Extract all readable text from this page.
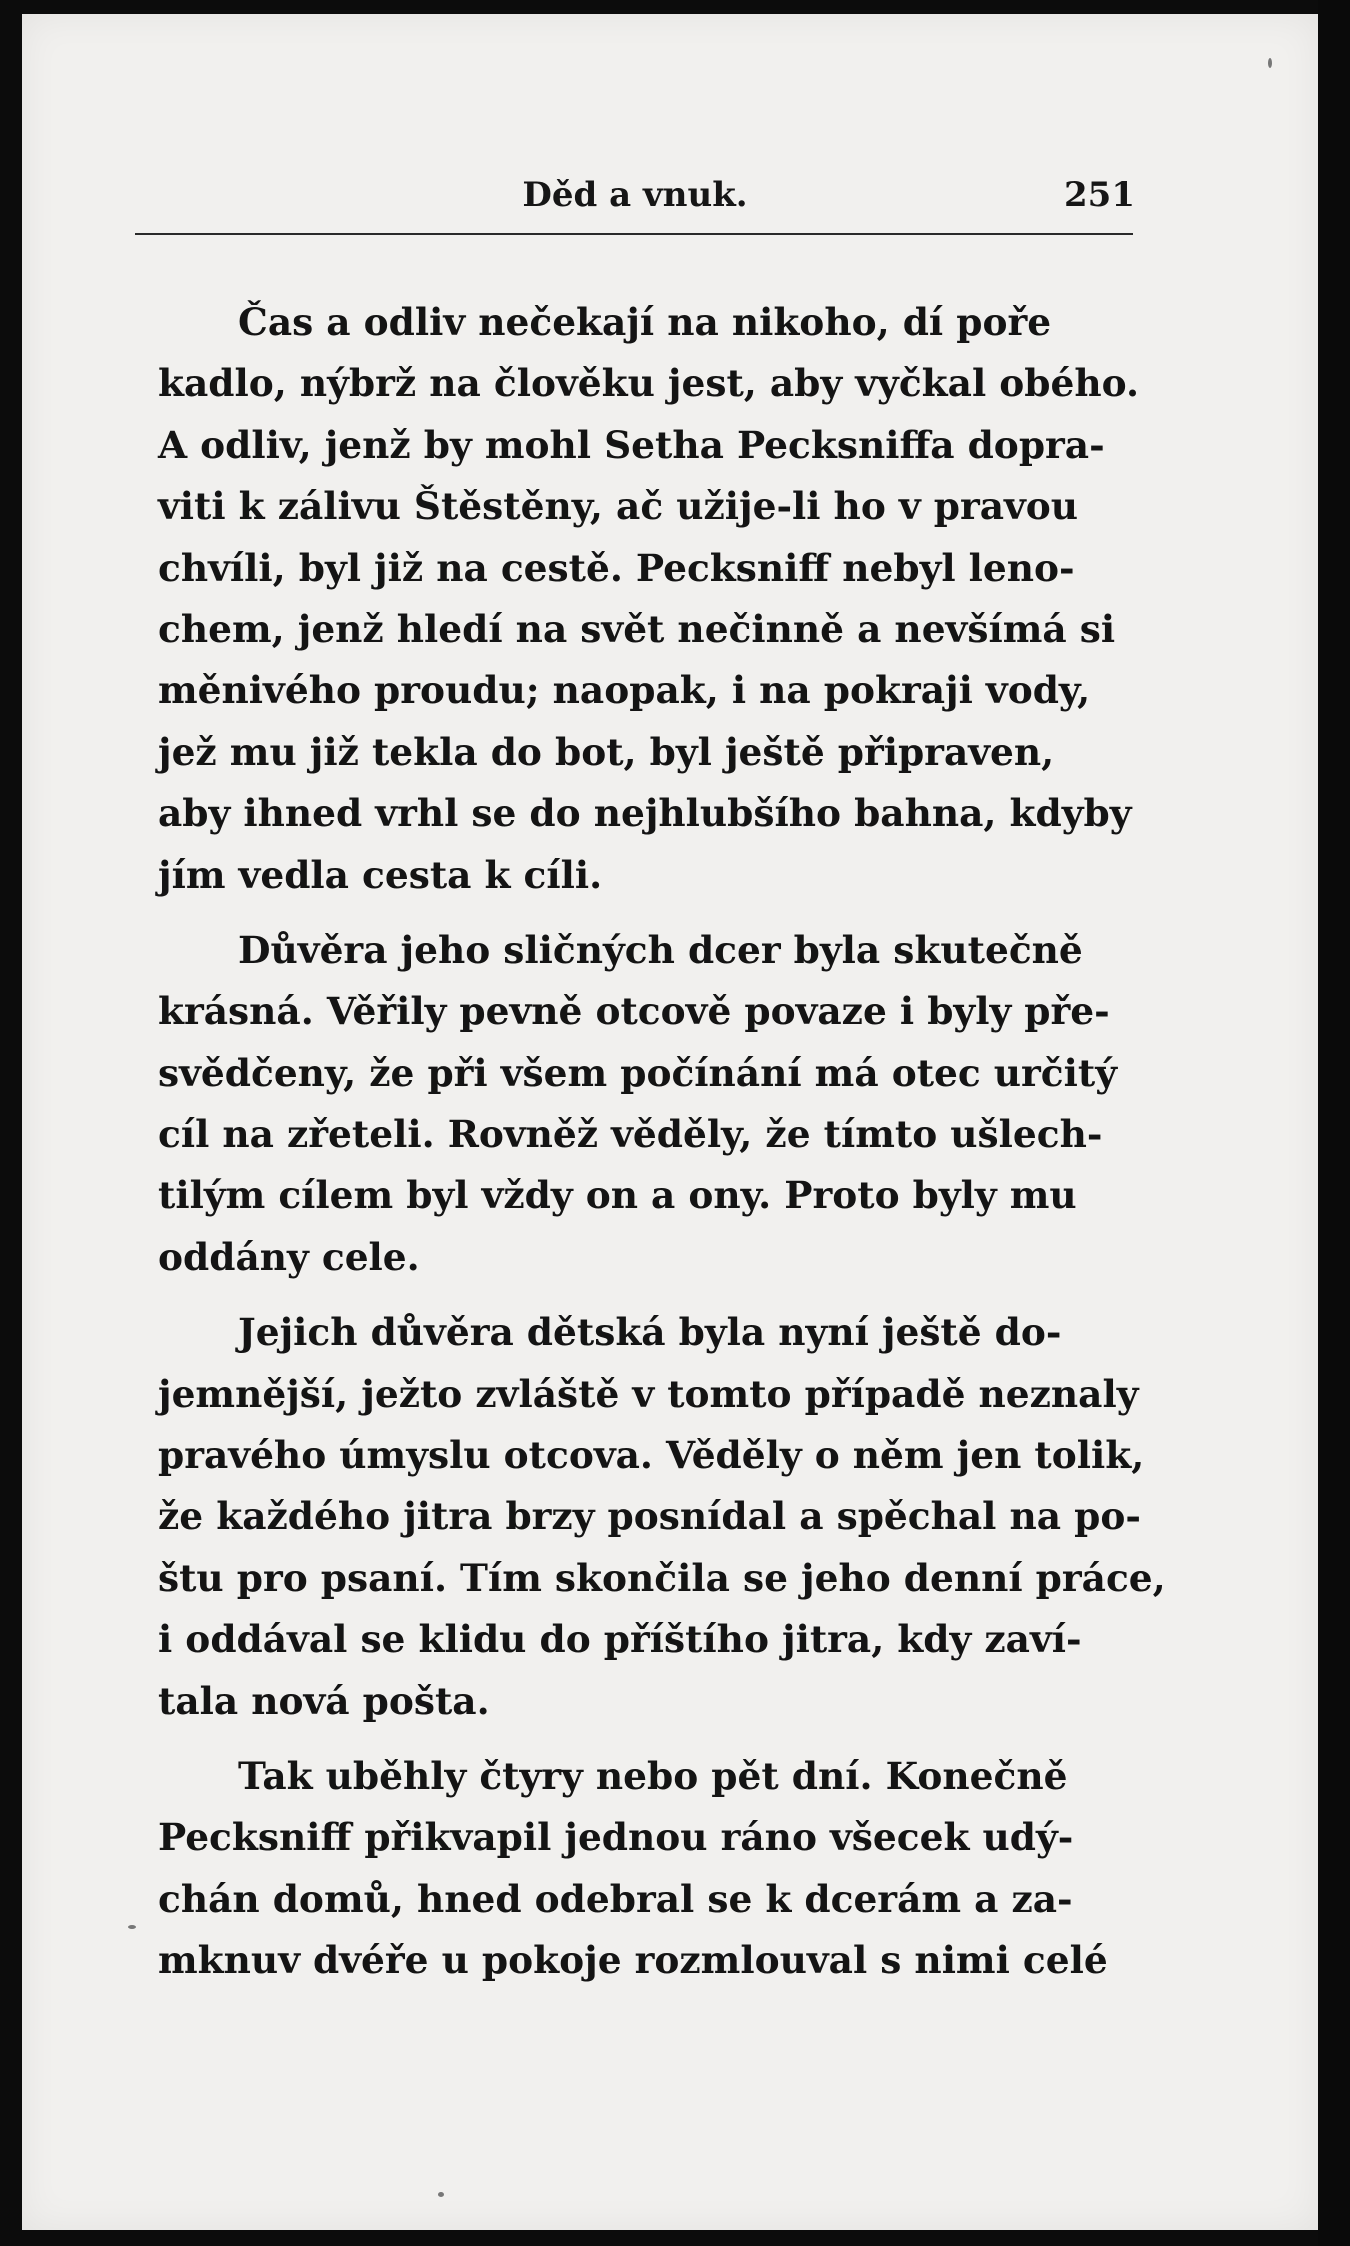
Děd a vnuk.	251
Čas a odliv nečekají na nikoho, dí poře
kadlo, nýbrž na člověku jest, aby vyčkal obého.
A odliv, jenž by mohl Setha Pecksniffa dopra-
viti k zálivu Štěstěny, ač užije-li ho v pravou
chvíli, byl již na cestě. Pecksniff nebyl leno-
chem, jenž hledí na svět nečinně a nevšímá si
měnivého proudu; naopak, i na pokraji vody,
jež mu již tekla do bot, byl ještě připraven,
aby ihned vrhl se do nejhlubšího bahna, kdyby
jím vedla cesta k cíli.
Důvěra jeho sličných dcer byla skutečně
krásná. Věřily pevně otcově povaze i byly pře-
svědčeny, že při všem počínání má otec určitý
cíl na zřeteli. Rovněž věděly, že tímto ušlech-
tilým cílem byl vždy on a ony. Proto byly mu
oddány cele.
Jejich důvěra dětská byla nyní ještě do-
jemnější, ježto zvláště v tomto případě neznaly
pravého úmyslu otcova. Věděly o něm jen tolik,
že každého jitra brzy posnídal a spěchal na po-
štu pro psaní. Tím skončila se jeho denní práce,
i oddával se klidu do příštího jitra, kdy zaví-
tala nová pošta.
Tak uběhly čtyry nebo pět dní. Konečně
Pecksniff přikvapil jednou ráno všecek udý-
chán domů, hned odebral se k dcerám a za-
mknuv dvéře u pokoje rozmlouval s nimi celé
